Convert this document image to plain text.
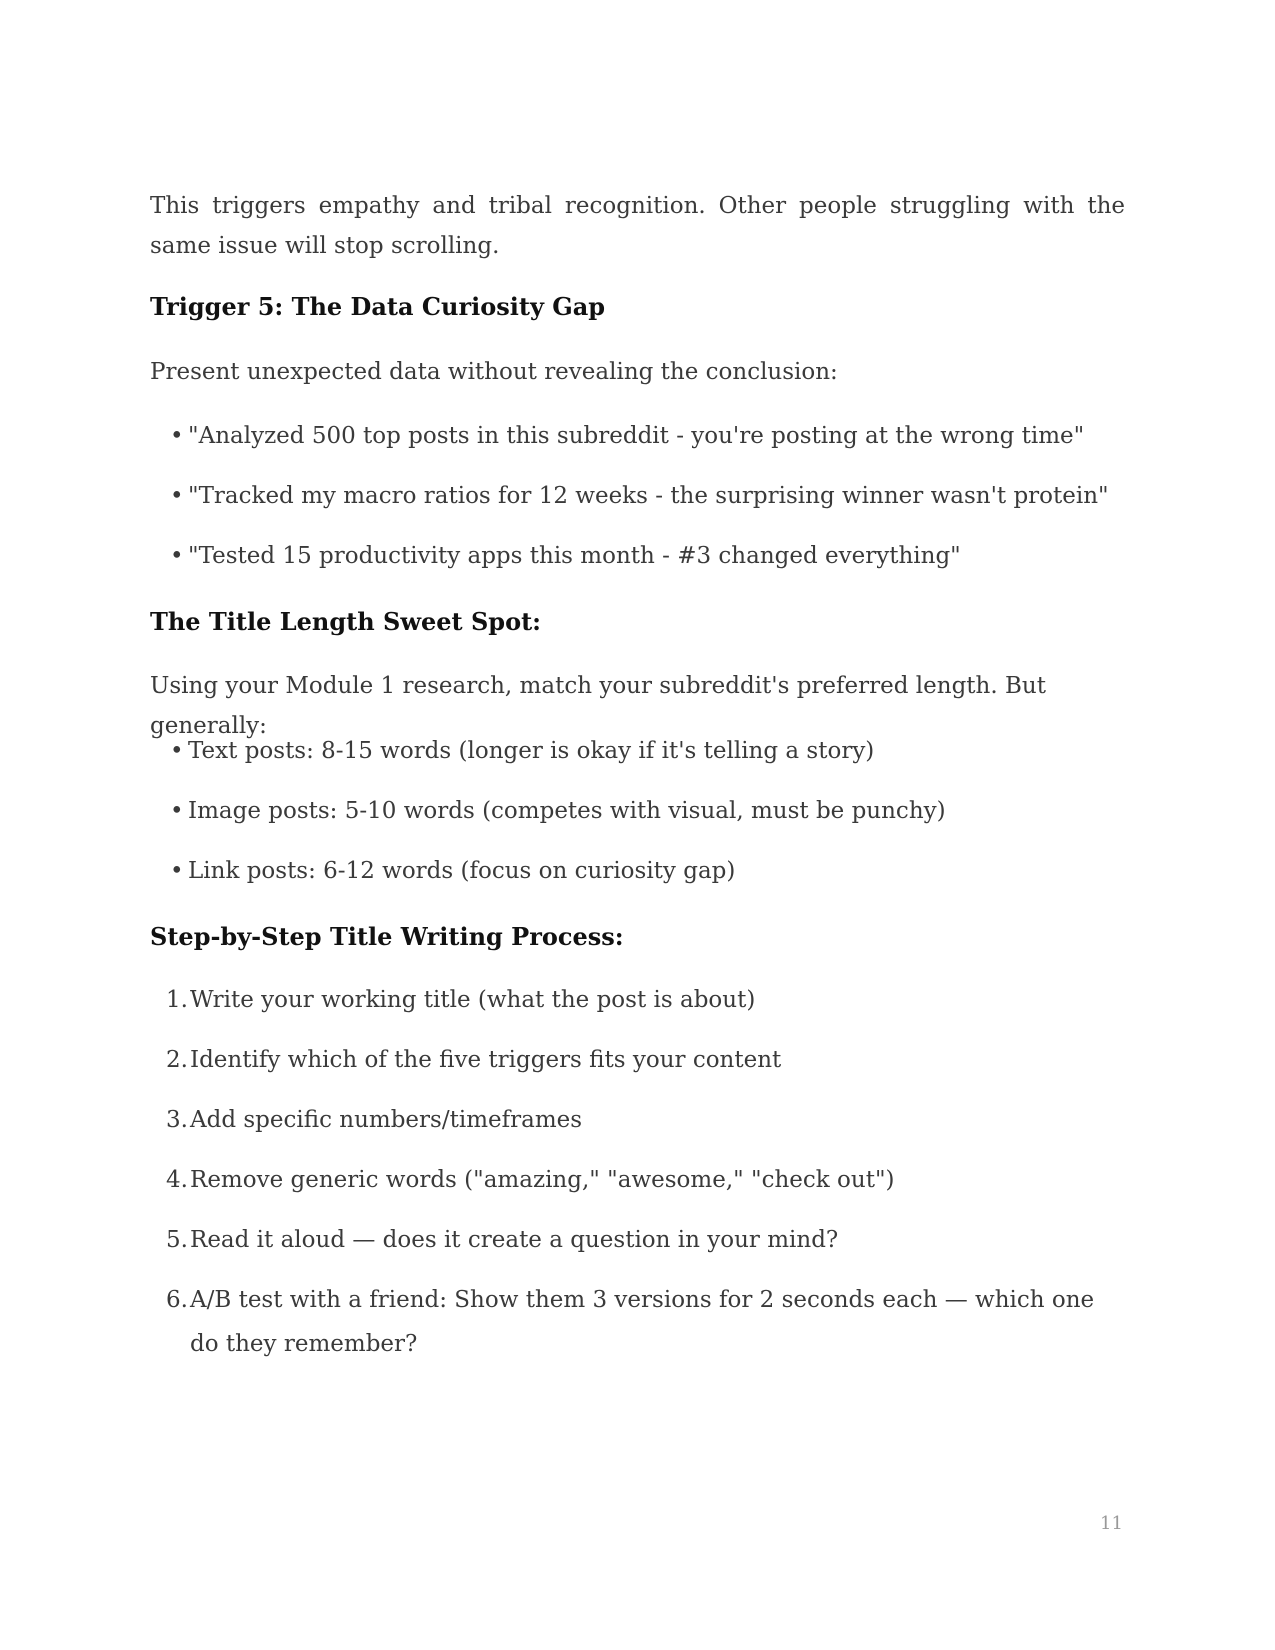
This triggers empathy and tribal recognition. Other people struggling with the same issue will stop scrolling.

Trigger 5: The Data Curiosity Gap

Present unexpected data without revealing the conclusion:

• "Analyzed 500 top posts in this subreddit - you're posting at the wrong time"

• "Tracked my macro ratios for 12 weeks - the surprising winner wasn't protein"

• "Tested 15 productivity apps this month - #3 changed everything"

The Title Length Sweet Spot:

Using your Module 1 research, match your subreddit's preferred length. But generally:

• Text posts: 8-15 words (longer is okay if it's telling a story)

• Image posts: 5-10 words (competes with visual, must be punchy)

• Link posts: 6-12 words (focus on curiosity gap)

Step-by-Step Title Writing Process:

1. Write your working title (what the post is about)

2. Identify which of the five triggers fits your content

3. Add specific numbers/timeframes

4. Remove generic words ("amazing," "awesome," "check out")

5. Read it aloud — does it create a question in your mind?

6. A/B test with a friend: Show them 3 versions for 2 seconds each — which one do they remember?

11
